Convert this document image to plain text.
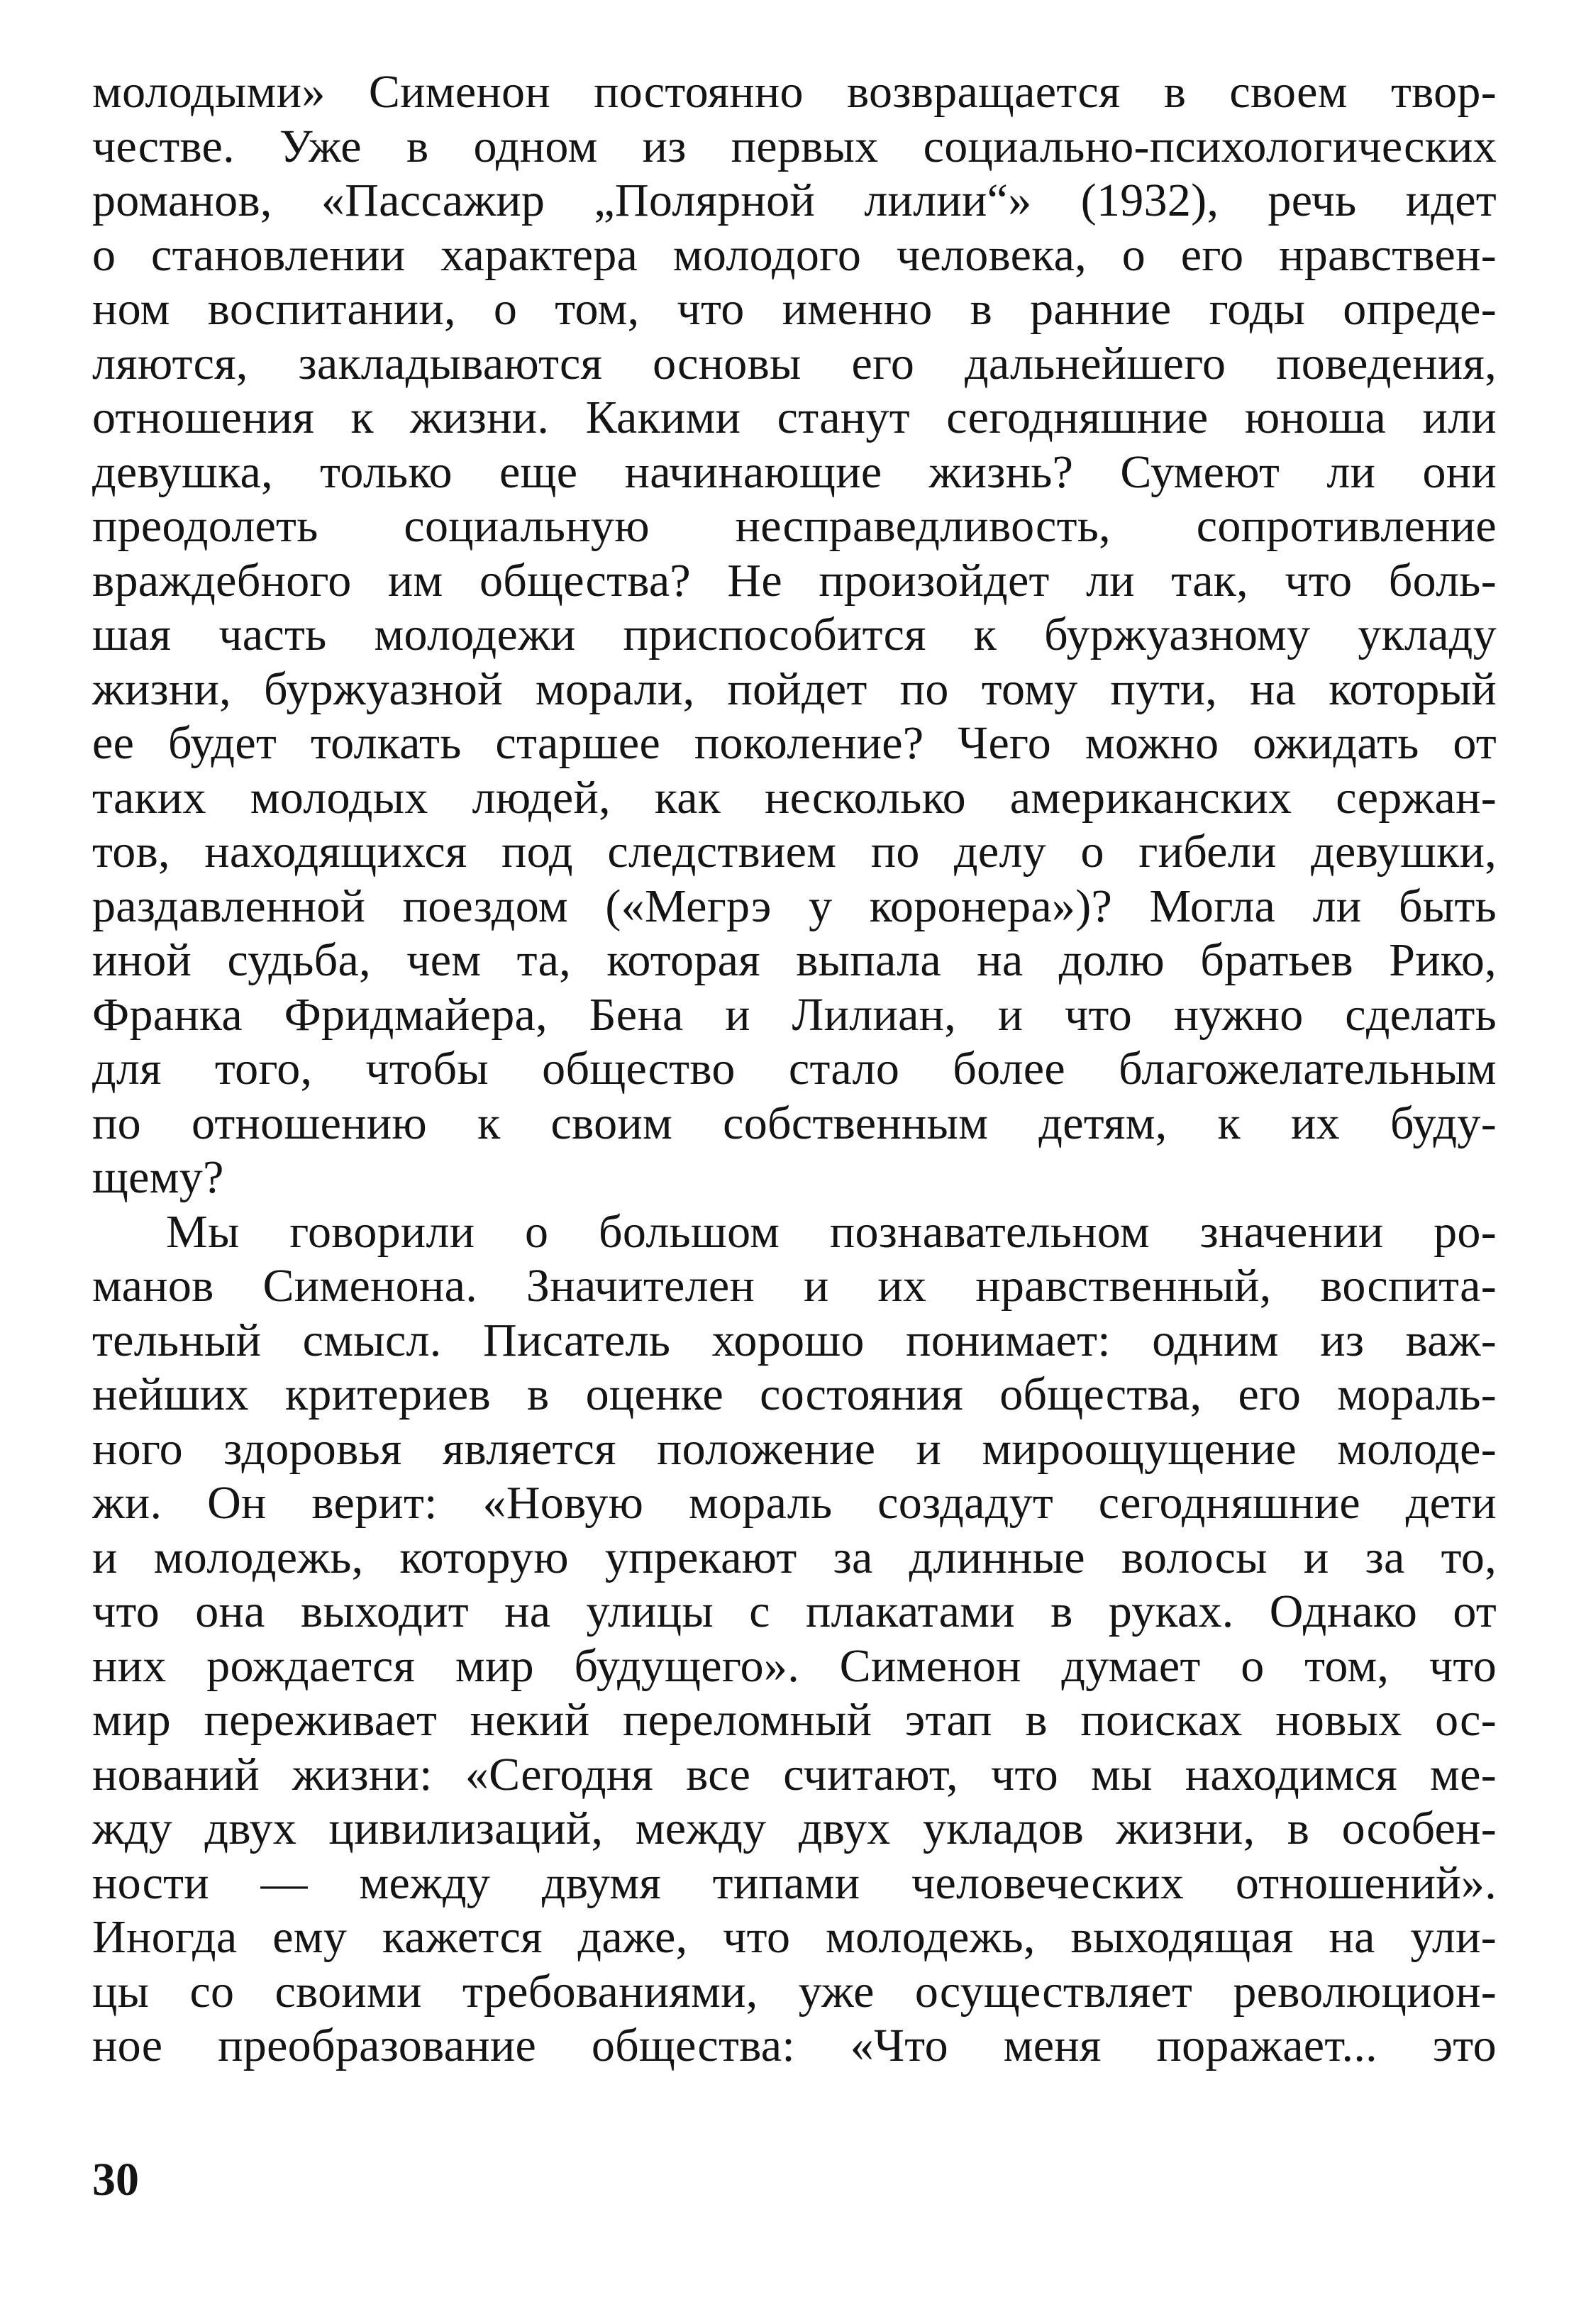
молодыми» Сименон постоянно возвращается в своем твор-
честве. Уже в одном из первых социально-психологических
романов, «Пассажир „Полярной лилии“» (1932), речь идет
о становлении характера молодого человека, о его нравствен-
ном воспитании, о том, что именно в ранние годы опреде-
ляются, закладываются основы его дальнейшего поведения,
отношения к жизни. Какими станут сегодняшние юноша или
девушка, только еще начинающие жизнь? Сумеют ли они
преодолеть социальную несправедливость, сопротивление
враждебного им общества? Не произойдет ли так, что боль-
шая часть молодежи приспособится к буржуазному укладу
жизни, буржуазной морали, пойдет по тому пути, на который
ее будет толкать старшее поколение? Чего можно ожидать от
таких молодых людей, как несколько американских сержан-
тов, находящихся под следствием по делу о гибели девушки,
раздавленной поездом («Мегрэ у коронера»)? Могла ли быть
иной судьба, чем та, которая выпала на долю братьев Рико,
Франка Фридмайера, Бена и Лилиан, и что нужно сделать
для того, чтобы общество стало более благожелательным
по отношению к своим собственным детям, к их буду-
щему?
Мы говорили о большом познавательном значении ро-
манов Сименона. Значителен и их нравственный, воспита-
тельный смысл. Писатель хорошо понимает: одним из важ-
нейших критериев в оценке состояния общества, его мораль-
ного здоровья является положение и мироощущение молоде-
жи. Он верит: «Новую мораль создадут сегодняшние дети
и молодежь, которую упрекают за длинные волосы и за то,
что она выходит на улицы с плакатами в руках. Однако от
них рождается мир будущего». Сименон думает о том, что
мир переживает некий переломный этап в поисках новых ос-
нований жизни: «Сегодня все считают, что мы находимся ме-
жду двух цивилизаций, между двух укладов жизни, в особен-
ности — между двумя типами человеческих отношений».
Иногда ему кажется даже, что молодежь, выходящая на ули-
цы со своими требованиями, уже осуществляет революцион-
ное преобразование общества: «Что меня поражает... это
30
